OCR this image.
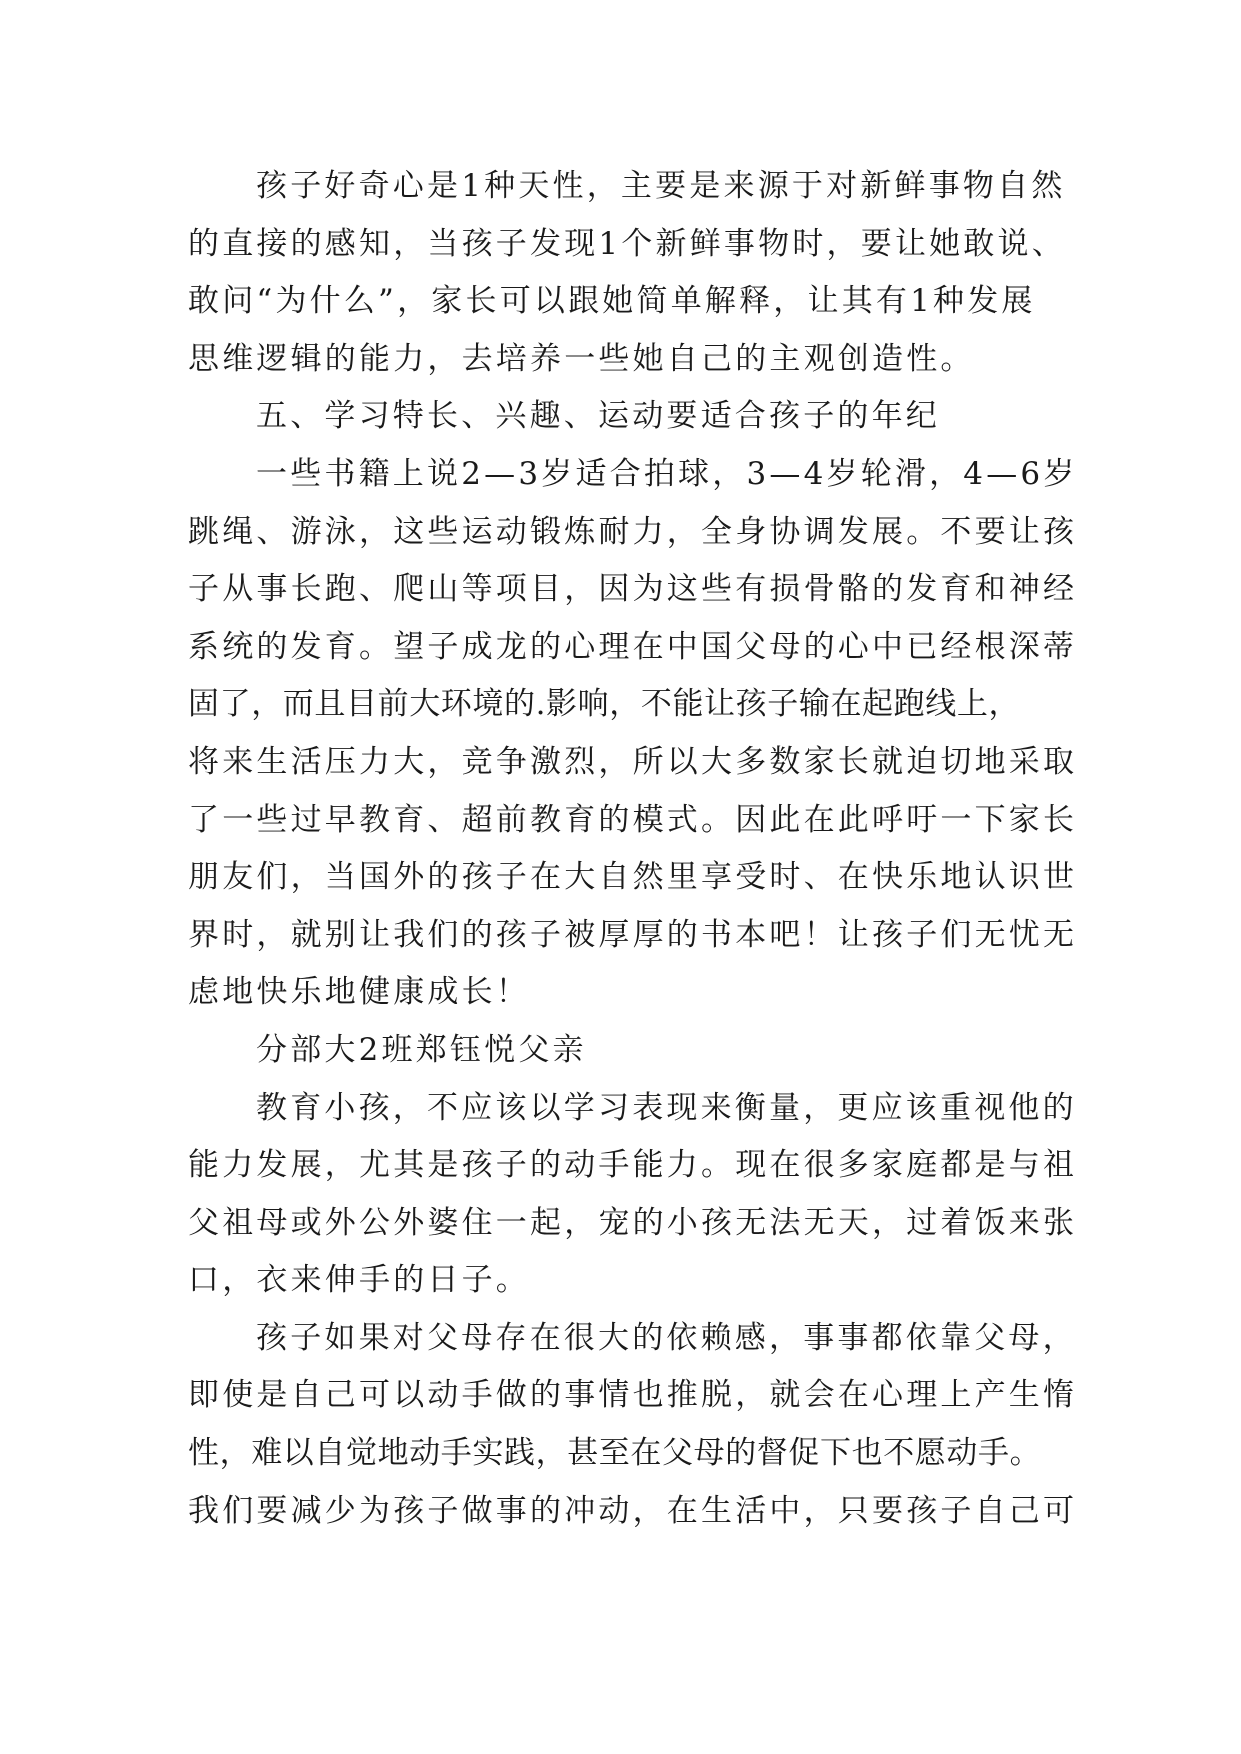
孩子好奇心是1种天性，主要是来源于对新鲜事物自然
的直接的感知，当孩子发现1个新鲜事物时，要让她敢说、
敢问“为什么”，家长可以跟她简单解释，让其有1种发展
思维逻辑的能力，去培养一些她自己的主观创造性。
五、学习特长、兴趣、运动要适合孩子的年纪
一些书籍上说2—3岁适合拍球，3—4岁轮滑，4—6岁
跳绳、游泳，这些运动锻炼耐力，全身协调发展。不要让孩
子从事长跑、爬山等项目，因为这些有损骨骼的发育和神经
系统的发育。望子成龙的心理在中国父母的心中已经根深蒂
固了，而且目前大环境的.影响，不能让孩子输在起跑线上，
将来生活压力大，竞争激烈，所以大多数家长就迫切地采取
了一些过早教育、超前教育的模式。因此在此呼吁一下家长
朋友们，当国外的孩子在大自然里享受时、在快乐地认识世
界时，就别让我们的孩子被厚厚的书本吧！让孩子们无忧无
虑地快乐地健康成长！
分部大2班郑钰悦父亲
教育小孩，不应该以学习表现来衡量，更应该重视他的
能力发展，尤其是孩子的动手能力。现在很多家庭都是与祖
父祖母或外公外婆住一起，宠的小孩无法无天，过着饭来张
口，衣来伸手的日子。
孩子如果对父母存在很大的依赖感，事事都依靠父母，
即使是自己可以动手做的事情也推脱，就会在心理上产生惰
性，难以自觉地动手实践，甚至在父母的督促下也不愿动手。
我们要减少为孩子做事的冲动，在生活中，只要孩子自己可
